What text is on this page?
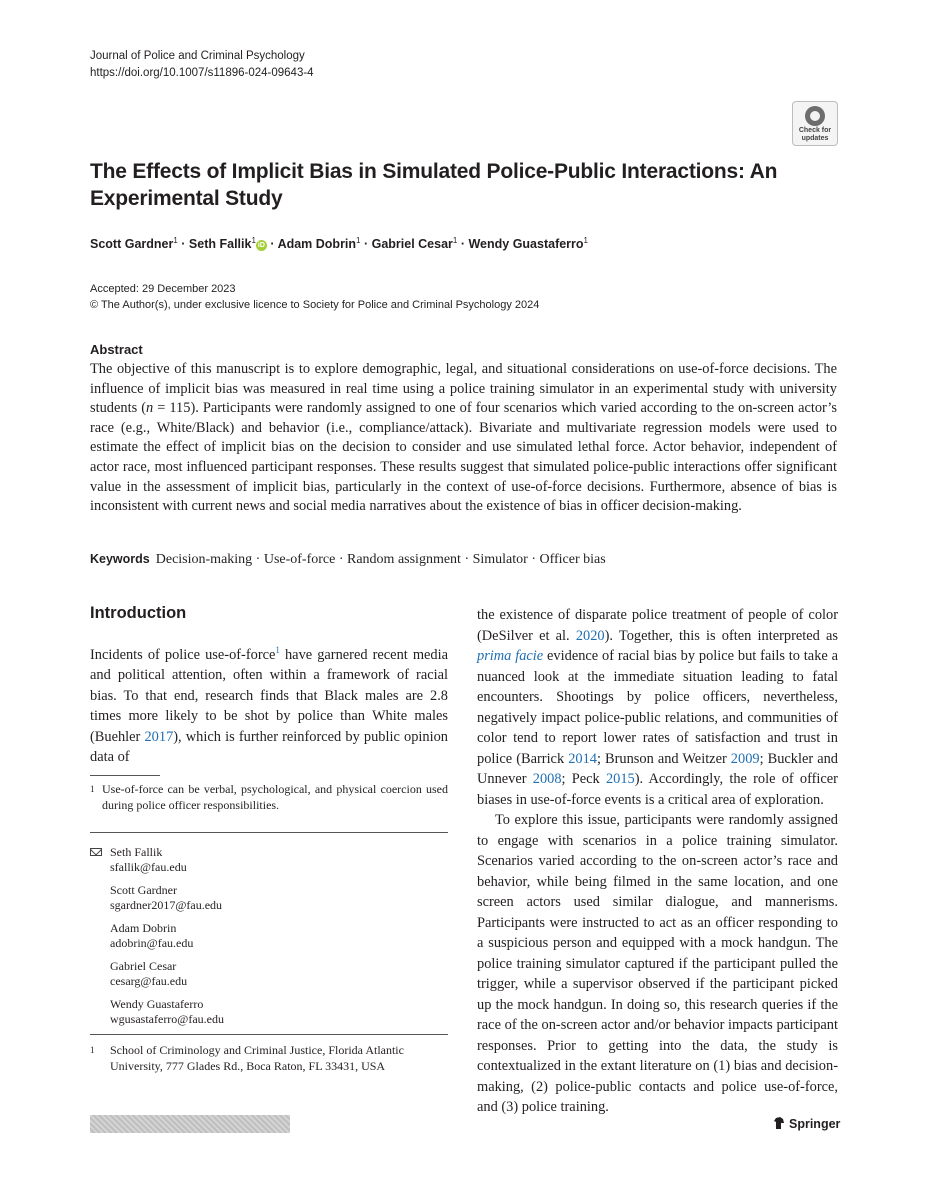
Journal of Police and Criminal Psychology
https://doi.org/10.1007/s11896-024-09643-4
Check for updates
The Effects of Implicit Bias in Simulated Police-Public Interactions: An Experimental Study
Scott Gardner$^1$ · Seth Fallik$^1$iD · Adam Dobrin$^1$ · Gabriel Cesar$^1$ · Wendy Guastaferro$^1$
Accepted: 29 December 2023
© The Author(s), under exclusive licence to Society for Police and Criminal Psychology 2024
Abstract

The objective of this manuscript is to explore demographic, legal, and situational considerations on use-of-force decisions. The influence of implicit bias was measured in real time using a police training simulator in an experimental study with university students (n = 115). Participants were randomly assigned to one of four scenarios which varied according to the on-screen actor’s race (e.g., White/Black) and behavior (i.e., compliance/attack). Bivariate and multivariate regression models were used to estimate the effect of implicit bias on the decision to consider and use simulated lethal force. Actor behavior, independent of actor race, most influenced participant responses. These results suggest that simulated police-public interactions offer significant value in the assessment of implicit bias, particularly in the context of use-of-force decisions. Furthermore, absence of bias is inconsistent with current news and social media narratives about the existence of bias in officer decision-making.

Keywords Decision-making · Use-of-force · Random assignment · Simulator · Officer bias
Introduction

Incidents of police use-of-force$^1$ have garnered recent media and political attention, often within a framework of racial bias. To that end, research finds that Black males are 2.8 times more likely to be shot by police than White males (Buehler 2017), which is further reinforced by public opinion data of

1 Use-of-force can be verbal, psychological, and physical coercion used during police officer responsibilities.
Seth Fallik
sfallik@fau.edu
Scott Gardner
sgardner2017@fau.edu
Adam Dobrin
adobrin@fau.edu
Gabriel Cesar
cesarg@fau.edu
Wendy Guastaferro
wgusastaferro@fau.edu
1	School of Criminology and Criminal Justice, Florida Atlantic University, 777 Glades Rd., Boca Raton, FL 33431, USA

the existence of disparate police treatment of people of color (DeSilver et al. 2020). Together, this is often interpreted as prima facie evidence of racial bias by police but fails to take a nuanced look at the immediate situation leading to fatal encounters. Shootings by police officers, nevertheless, negatively impact police-public relations, and communities of color tend to report lower rates of satisfaction and trust in police (Barrick 2014; Brunson and Weitzer 2009; Buckler and Unnever 2008; Peck 2015). Accordingly, the role of officer biases in use-of-force events is a critical area of exploration.

To explore this issue, participants were randomly assigned to engage with scenarios in a police training simulator. Scenarios varied according to the on-screen actor’s race and behavior, while being filmed in the same location, and one screen actors used similar dialogue, and mannerisms. Participants were instructed to act as an officer responding to a suspicious person and equipped with a mock handgun. The police training simulator captured if the participant pulled the trigger, while a supervisor observed if the participant picked up the mock handgun. In doing so, this research queries if the race of the on-screen actor and/or behavior impacts participant responses. Prior to getting into the data, the study is contextualized in the extant literature on (1) bias and decision-making, (2) police-public contacts and police use-of-force, and (3) police training.

Springer
